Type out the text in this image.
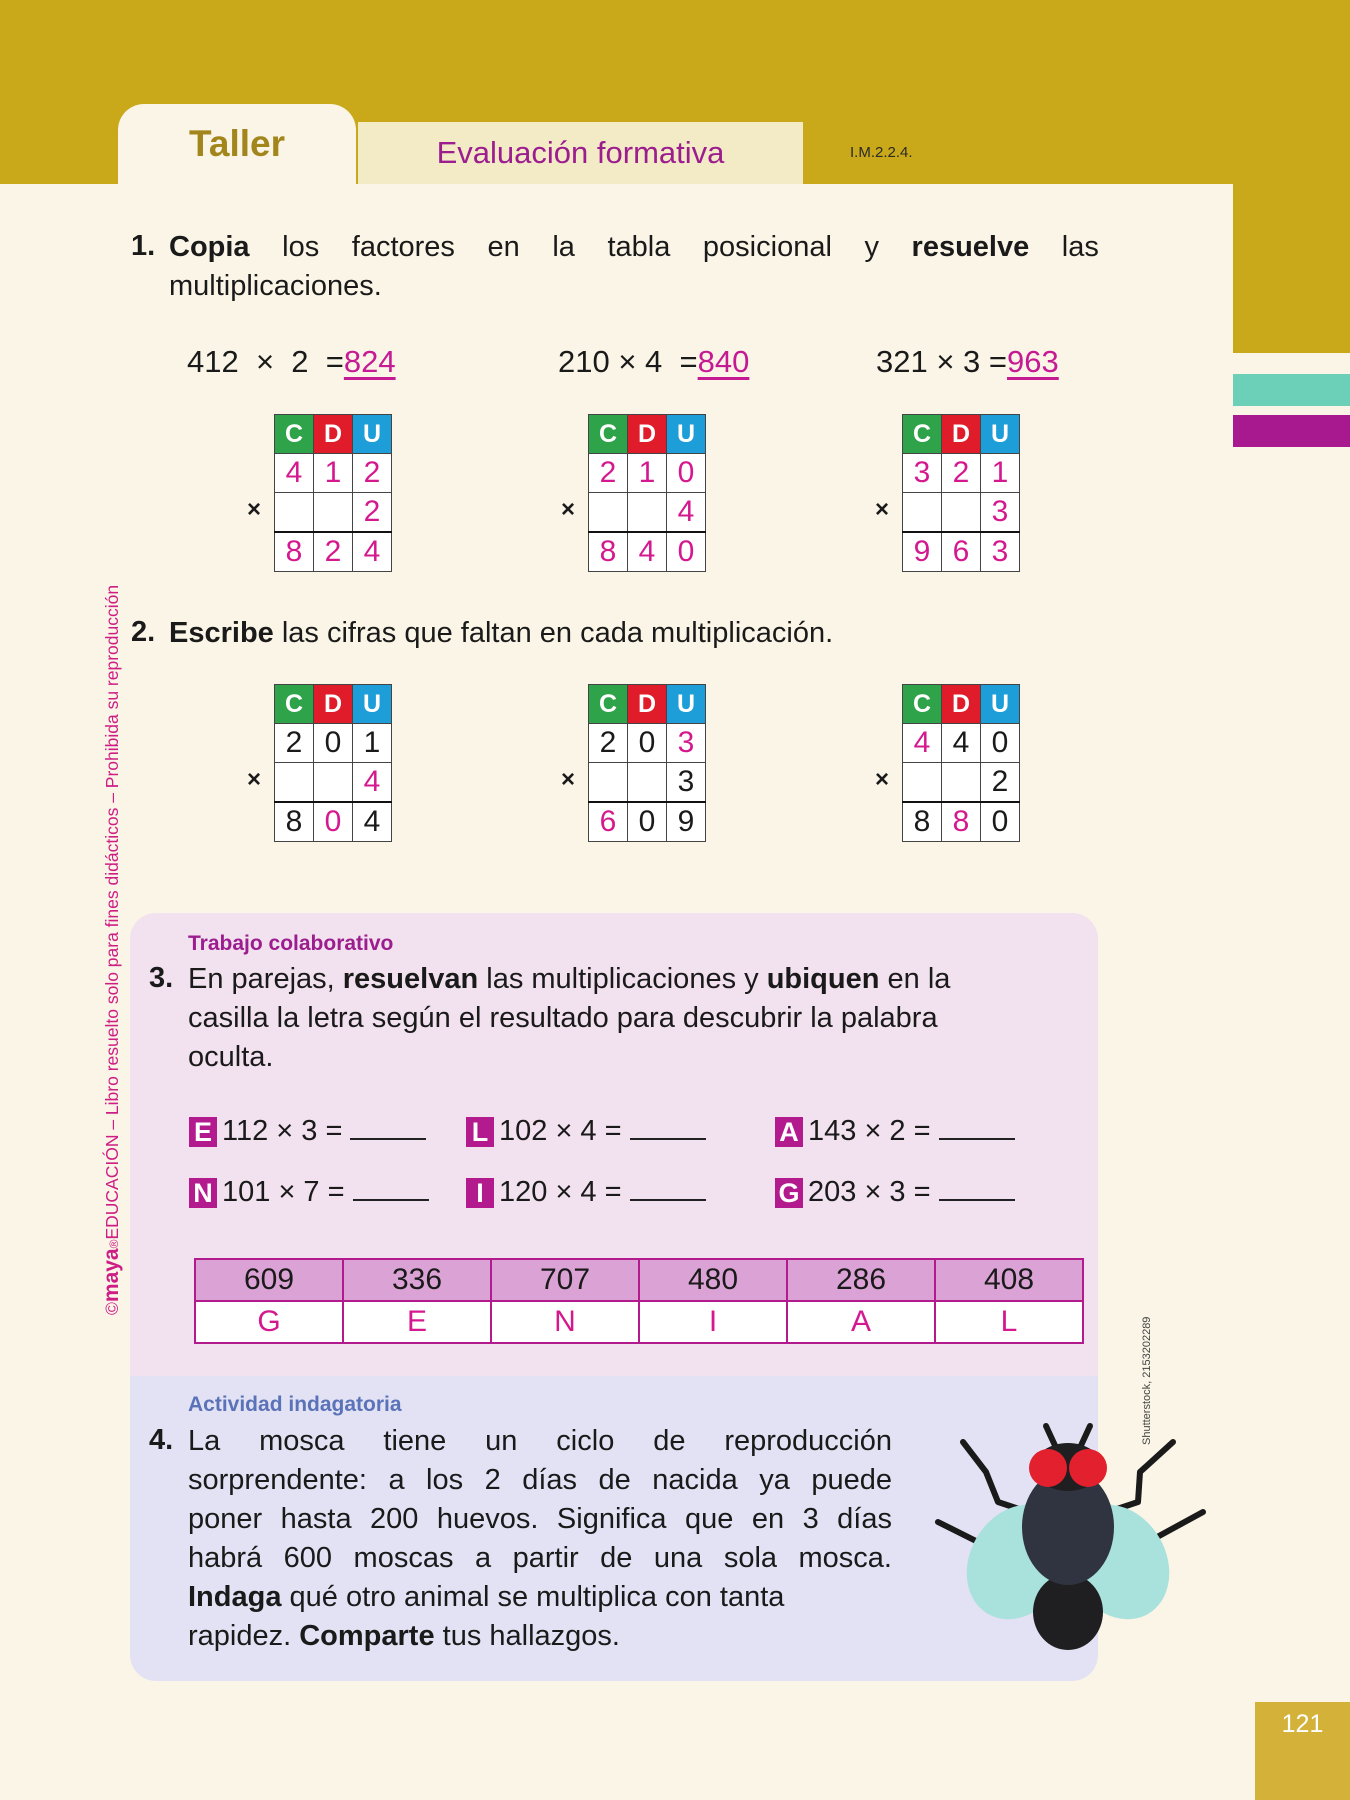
Taller	Evaluación formativa	I.M.2.2.4.
1. Copia los factores en la tabla posicional y resuelve las
multiplicaciones.
412  ×  2  =824	210 × 4  =840	321 × 3 =963
×
C	D	U
4	1	2
		2
8	2	4
×
C	D	U
2	1	0
		4
8	4	0
×
C	D	U
3	2	1
		3
9	6	3
2. Escribe las cifras que faltan en cada multiplicación.
×
C	D	U
2	0	1
		4
8	0	4
×
C	D	U
2	0	3
		3
6	0	9
×
C	D	U
4	4	0
		2
8	8	0
Trabajo colaborativo
3. En parejas, resuelvan las multiplicaciones y ubiquen en la
casilla la letra según el resultado para descubrir la palabra
oculta.
E 112 × 3 =	L 102 × 4 =	A 143 × 2 =
N 101 × 7 =	I 120 × 4 =	G 203 × 3 =
609	336	707	480	286	408
G	E	N	I	A	L
Actividad indagatoria
4. La mosca tiene un ciclo de reproducción
sorprendente: a los 2 días de nacida ya puede
poner hasta 200 huevos. Significa que en 3 días
habrá 600 moscas a partir de una sola mosca.
Indaga qué otro animal se multiplica con tanta
rapidez. Comparte tus hallazgos.
©maya®EDUCACIÓN – Libro resuelto solo para fines didácticos – Prohibida su reproducción
Shutterstock, 2153202289
121
